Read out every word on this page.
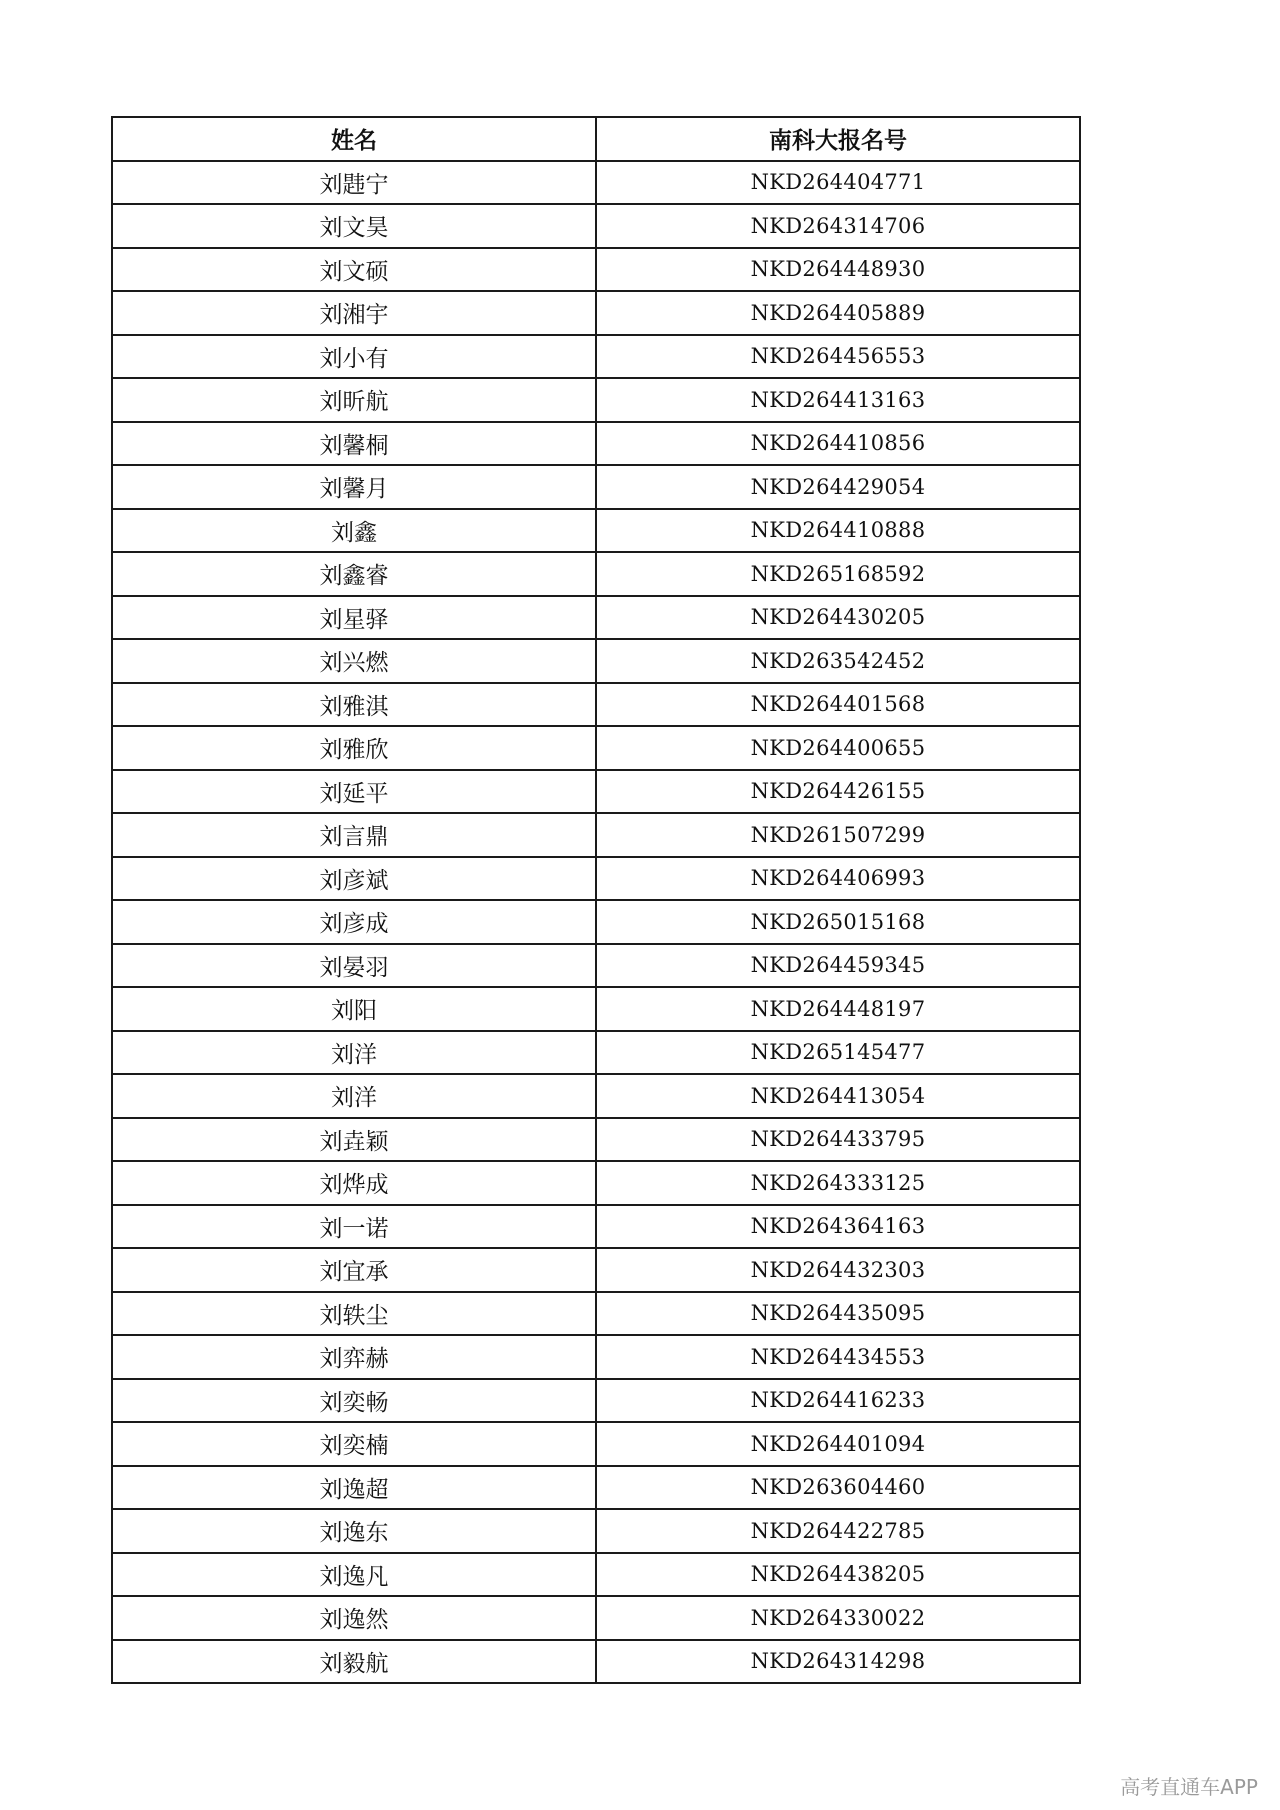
姓名	南科大报名号
刘韪宁	NKD264404771
刘文昊	NKD264314706
刘文硕	NKD264448930
刘湘宇	NKD264405889
刘小有	NKD264456553
刘昕航	NKD264413163
刘馨桐	NKD264410856
刘馨月	NKD264429054
刘鑫	NKD264410888
刘鑫睿	NKD265168592
刘星驿	NKD264430205
刘兴燃	NKD263542452
刘雅淇	NKD264401568
刘雅欣	NKD264400655
刘延平	NKD264426155
刘言鼎	NKD261507299
刘彦斌	NKD264406993
刘彦成	NKD265015168
刘晏羽	NKD264459345
刘阳	NKD264448197
刘洋	NKD265145477
刘洋	NKD264413054
刘垚颖	NKD264433795
刘烨成	NKD264333125
刘一诺	NKD264364163
刘宜承	NKD264432303
刘轶尘	NKD264435095
刘弈赫	NKD264434553
刘奕畅	NKD264416233
刘奕楠	NKD264401094
刘逸超	NKD263604460
刘逸东	NKD264422785
刘逸凡	NKD264438205
刘逸然	NKD264330022
刘毅航	NKD264314298
高考直通车APP
